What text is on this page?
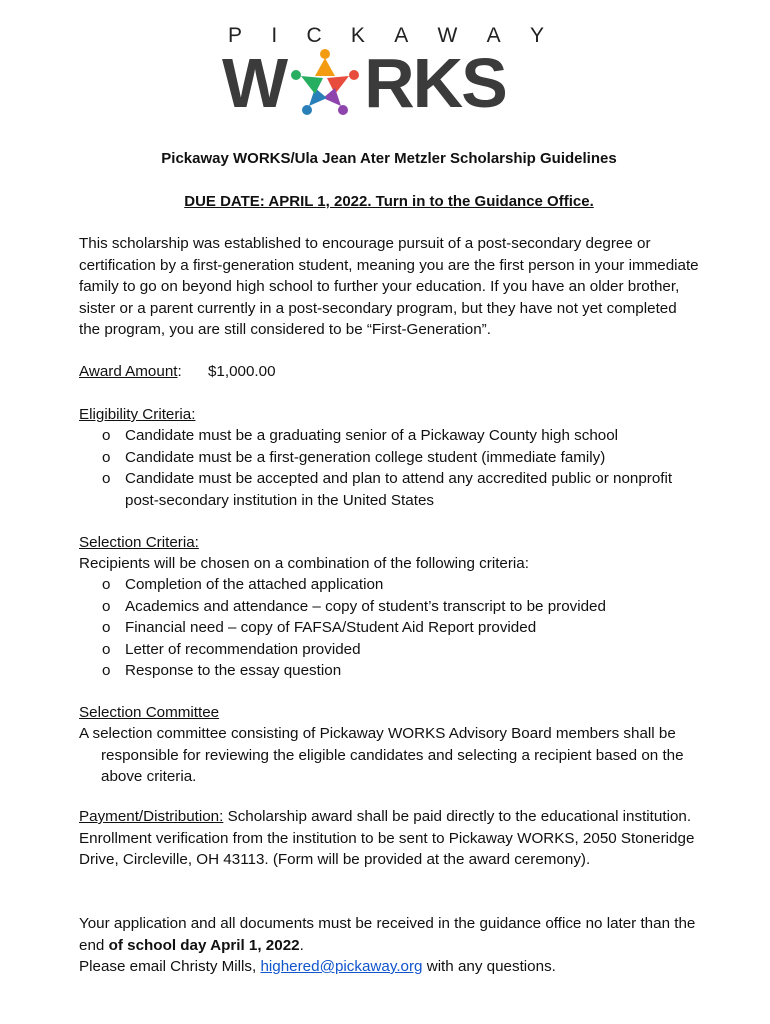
P I C K A W A Y
W RKS
Pickaway WORKS/Ula Jean Ater Metzler Scholarship Guidelines
DUE DATE: APRIL 1, 2022. Turn in to the Guidance Office.

This scholarship was established to encourage pursuit of a post-secondary degree or certification by a first-generation student, meaning you are the first person in your immediate family to go on beyond high school to further your education. If you have an older brother, sister or a parent currently in a post-secondary program, but they have not yet completed the program, you are still considered to be “First-Generation”.

Award Amount: $1,000.00

Eligibility Criteria:

o Candidate must be a graduating senior of a Pickaway County high school
o Candidate must be a first-generation college student (immediate family)
o Candidate must be accepted and plan to attend any accredited public or nonprofit post-secondary institution in the United States

Selection Criteria:

Recipients will be chosen on a combination of the following criteria:

o Completion of the attached application
o Academics and attendance – copy of student’s transcript to be provided
o Financial need – copy of FAFSA/Student Aid Report provided
o Letter of recommendation provided
o Response to the essay question

Selection Committee

A selection committee consisting of Pickaway WORKS Advisory Board members shall be responsible for reviewing the eligible candidates and selecting a recipient based on the above criteria.

Payment/Distribution: Scholarship award shall be paid directly to the educational institution. Enrollment verification from the institution to be sent to Pickaway WORKS, 2050 Stoneridge Drive, Circleville, OH 43113. (Form will be provided at the award ceremony).

Your application and all documents must be received in the guidance office no later than the end of school day April 1, 2022.
Please email Christy Mills, highered@pickaway.org with any questions.
